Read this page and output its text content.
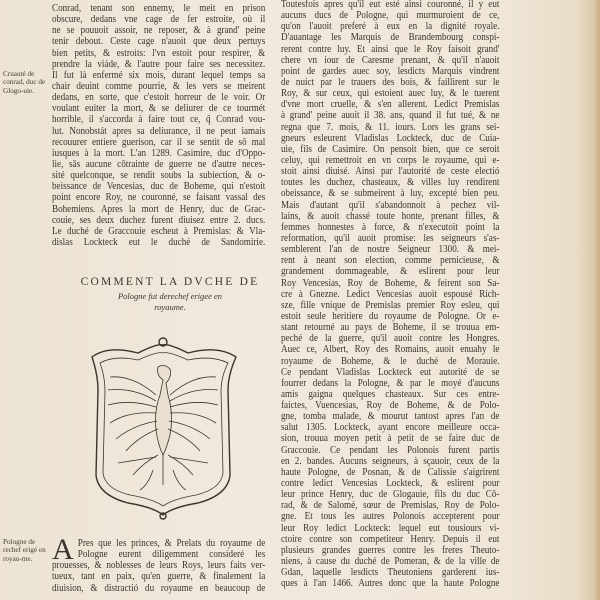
Conrad, tenant son ennemy, le meit en prison
obscure, dedans vne cage de fer estroite, où il
ne se pouuoit assoir, ne reposer, & à grand' peine
tenir debout. Ceste cage n'auoit que deux pertuys
bien petits, & estroits: l'vn estoit pour respirer, &
prendre la viáde, & l'autre pour faire ses necessitez.
Il fut là enfermé six mois, durant lequel temps sa
chair deuint comme pourrie, & les vers se meirent
dedans, en sorte, que c'estoit horreur de le voir. Or
voulant euiter la mort, & se deliurer de ce tourmét
horrible, il s'accorda à faire tout ce, q̃ Conrad vou-
lut. Nonobstát apres sa deliurance, il ne peut iamais
recouurer entiere guerison, car il se sentit de sō mal
iusques à la mort. L'an 1289. Casimire, duc d'Oppo-
lie, sās aucune cōtrainte de guerre ne d'autre neces-
sité quelconque, se rendit soubs la subiection, & o-
beissance de Vencesias, duc de Boheme, qui n'estoit
point encore Roy, ne couronné, se faisant vassal des
Bohemiens. Apres la mort de Henry, duc de Grac-
couie, ses deux duchez furent diuisez entre 2. ducs.
Le duché de Graccouie escheut à Premislas: & Vla-
dislas Lockteck eut le duché de Sandomirie.
Cruauté de conrad, duc de Glogo-uie.
COMMENT LA DVCHE DE
Pologne fut derechef erigee en
royaume.
A Pres que les princes, & Prelats du royaume de
Pologne eurent diligemment consideré les
prouesses, & noblesses de leurs Roys, leurs faits ver-
tueux, tant en paix, qu'en guerre, & finalement la
diuision, & distractió du royaume en beaucoup de
Pologne de rechef erigé en royau-me.
Toutesfois apres qu'il eut esté ainsi couronné, il y eut
aucuns ducs de Pologne, qui murmuroient de ce,
qu'on l'auoit preferé à eux en la dignité royale.
D'auantage les Marquis de Brandembourg conspi-
rerent contre luy. Et ainsi que le Roy faisoit grand'
chere vn iour de Caresme prenant, & qu'il n'auoit
point de gardes auec soy, lesdicts Marquis vindrent
de nuict par le trauers des bois, & faillirent sur le
Roy, & sur ceux, qui estoient auec luy, & le tuerent
d'vne mort cruelle, & s'en allerent. Ledict Premislas
à grand' peine auoit il 38. ans, quand il fut tué, & ne
regna que 7. mois, & 11. iours. Lors les grans sei-
gneurs esleurent Vladislas Lockteck, duc de Cuia-
uie, fils de Casimire. On pensoit bien, que ce seroit
celuy, qui remettroit en vn corps le royaume, qui e-
stoit ainsi diuisé. Ainsi par l'autorité de ceste electió
toutes les duchez, chasteaux, & villes luy rendirent
obeissance, & se submeirent à luy, excepté bien peu.
Mais d'autant qu'il s'abandonnoit à pechez vil-
lains, & auoit chassé toute honte, prenant filles, &
femmes honnestes à force, & n'executoit point la
reformation, qu'il auoit promise: les seigneurs s'as-
semblerent l'an de nostre Seigneur 1300. & mei-
rent à neant son election, comme pernicieuse, &
grandement dommageable, & eslirent pour leur
Roy Vencesias, Roy de Boheme, & feirent son Sa-
cre à Gnezne. Ledict Vencesias auoit espousé Rich-
sze, fille vnique de Premislas premier Roy esleu, qui
estoit seule heritiere du royaume de Pologne. Or e-
stant retourné au pays de Boheme, il se trouua em-
peché de la guerre, qu'il auoit contre les Hongres.
Auec ce, Albert, Roy des Romains, auoit enuahy le
royaume de Boheme, & le duché de Morauie.
Ce pendant Vladislas Lockteck eut autorité de se
fourrer dedans la Pologne, & par le moyé d'aucuns
amis gaigna quelques chasteaux. Sur ces entre-
faictes, Vuencesias, Roy de Boheme, & de Polo-
gne, tomba malade, & mourut tantost apres l'an de
salut 1305. Lockteck, ayant encore meilleure occa-
sion, trouua moyen petit à petit de se faire duc de
Graccouie. Ce pendant les Polonois furent partis
en 2. bandes. Aucuns seigneurs, à sçauoir, ceux de la
haute Pologne, de Posnan, & de Calissie s'aigrirent
contre ledict Vencesias Lockteck, & eslirent pour
leur prince Henry, duc de Glogauie, fils du duc Cō-
rad, & de Salomé, sœur de Premislas, Roy de Polo-
gne. Et tous les autres Polonois accepterent pour
leur Roy ledict Lockteck: lequel eut tousiours vi-
ctoire contre son competiteur Henry. Depuis il eut
plusieurs grandes guerres contre les freres Theuto-
niens, à cause du duché de Pomeran, & de la ville de
Gdan, laquelle lesdicts Theutoniens garderent ius-
ques à l'an 1466. Autres donc que la haute Pologne
